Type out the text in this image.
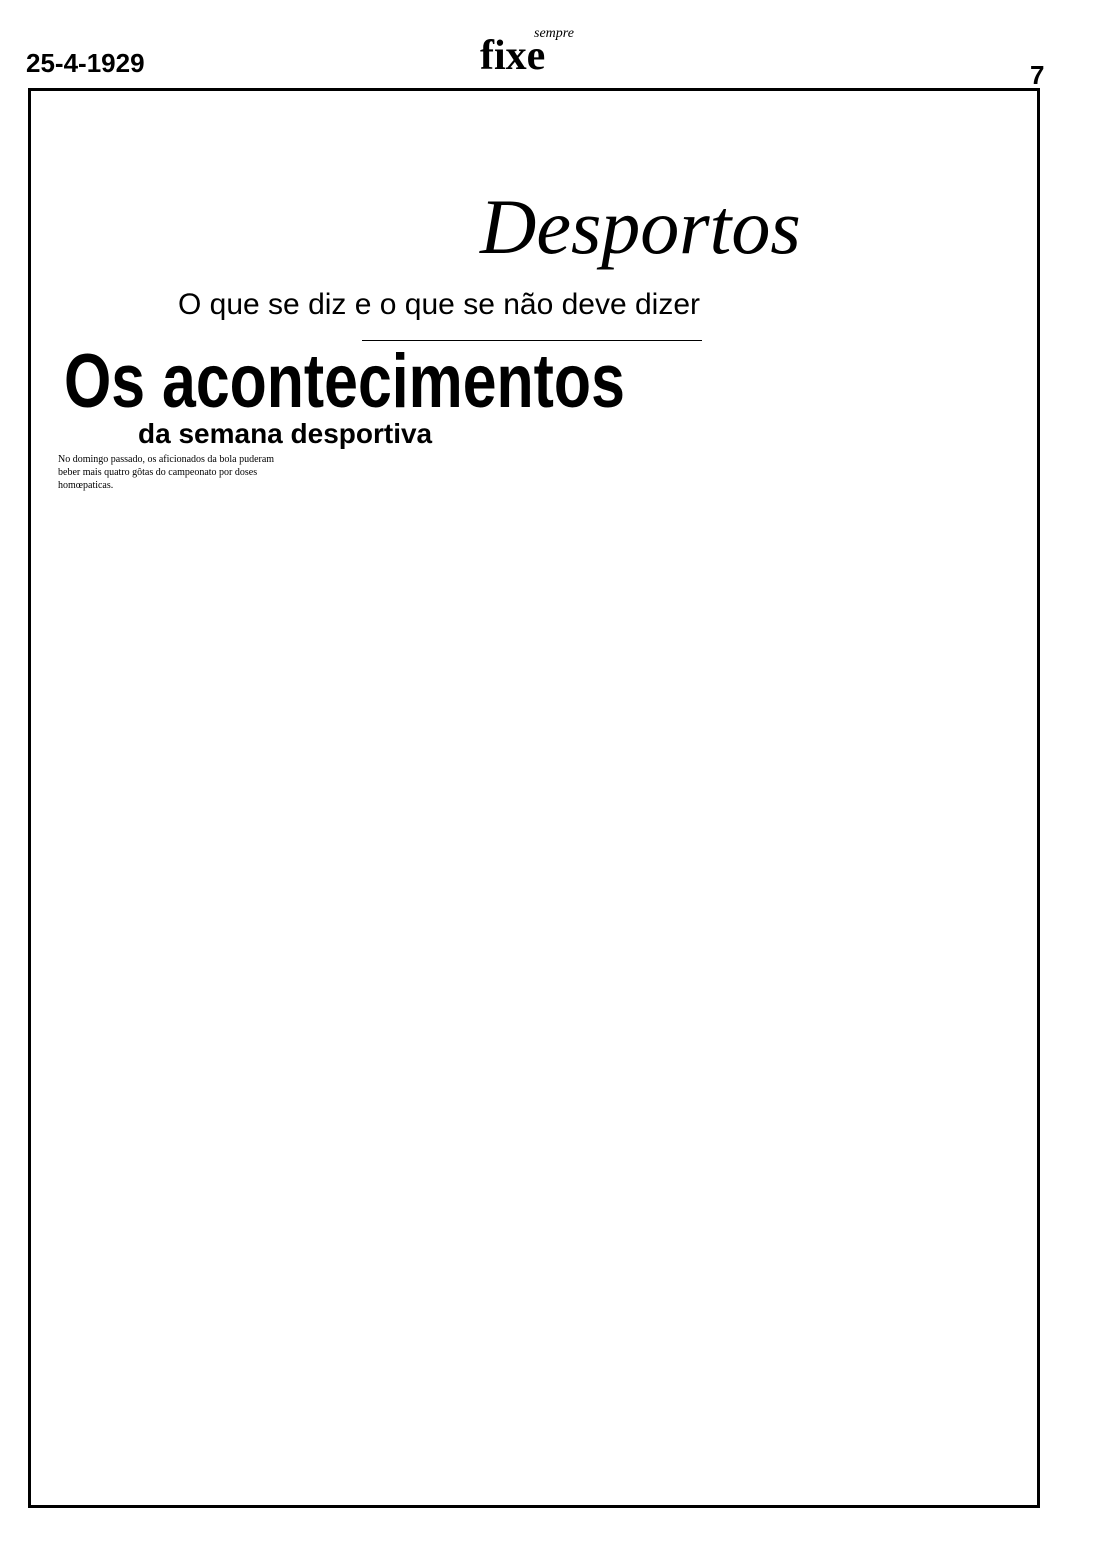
25-4-1929
sempre
fixe	7
Desportos
O que se diz e o que se não deve dizer
Os acontecimentos
da semana desportiva

No domingo passado, os aficionados da bola puderam beber mais quatro gôtas do campeonato por doses homœpaticas.
